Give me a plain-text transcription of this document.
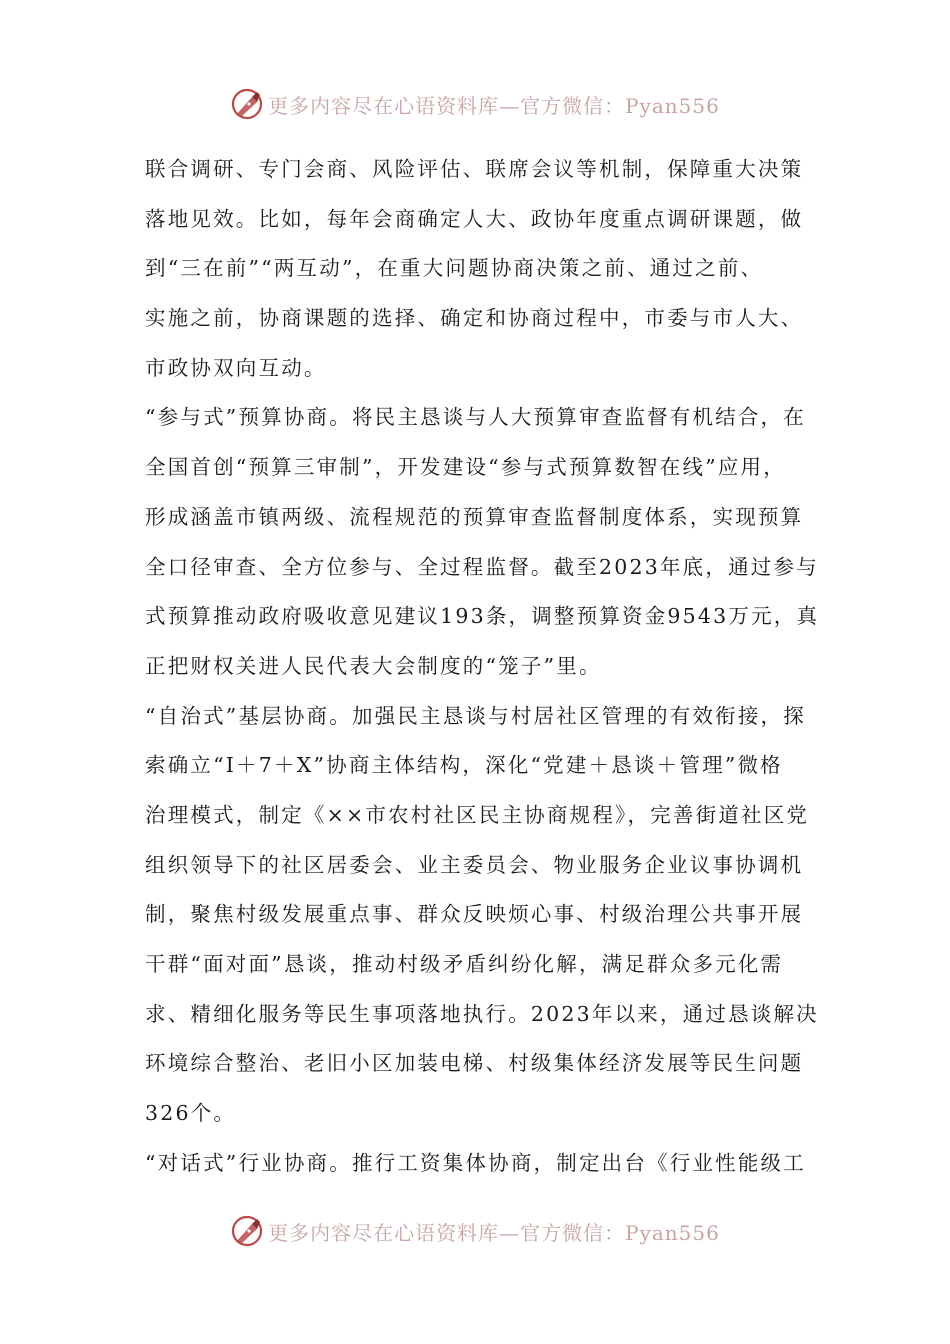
更多内容尽在心语资料库—官方微信：Pyan556
联合调研、专门会商、风险评估、联席会议等机制，保障重大决策
落地见效。比如，每年会商确定人大、政协年度重点调研课题，做
到“三在前”“两互动”，在重大问题协商决策之前、通过之前、
实施之前，协商课题的选择、确定和协商过程中，市委与市人大、
市政协双向互动。
“参与式”预算协商。将民主恳谈与人大预算审查监督有机结合，在
全国首创“预算三审制”，开发建设“参与式预算数智在线”应用，
形成涵盖市镇两级、流程规范的预算审查监督制度体系，实现预算
全口径审查、全方位参与、全过程监督。截至2023年底，通过参与
式预算推动政府吸收意见建议193条，调整预算资金9543万元，真
正把财权关进人民代表大会制度的“笼子”里。
“自治式”基层协商。加强民主恳谈与村居社区管理的有效衔接，探
索确立“I＋7＋X”协商主体结构，深化“党建＋恳谈＋管理”微格
治理模式，制定《××市农村社区民主协商规程》，完善街道社区党
组织领导下的社区居委会、业主委员会、物业服务企业议事协调机
制，聚焦村级发展重点事、群众反映烦心事、村级治理公共事开展
干群“面对面”恳谈，推动村级矛盾纠纷化解，满足群众多元化需
求、精细化服务等民生事项落地执行。2023年以来，通过恳谈解决
环境综合整治、老旧小区加装电梯、村级集体经济发展等民生问题
326个。
“对话式”行业协商。推行工资集体协商，制定出台《行业性能级工
更多内容尽在心语资料库—官方微信：Pyan556
